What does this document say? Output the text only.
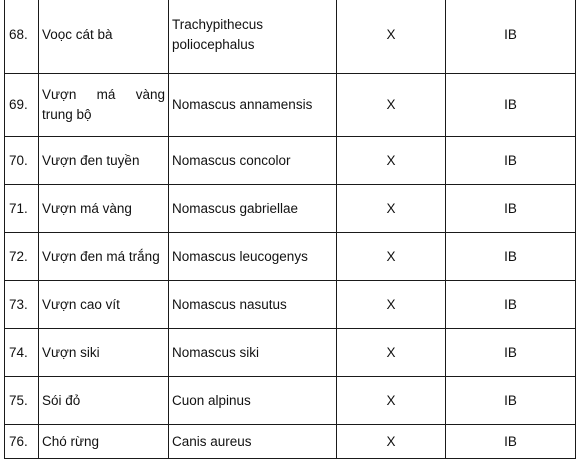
68.	Voọc cát bà	Trachypithecus poliocephalus	X	IB
69.	Vượn má vàng trung bộ	Nomascus annamensis	X	IB
70.	Vượn đen tuyền	Nomascus concolor	X	IB
71.	Vượn má vàng	Nomascus gabriellae	X	IB
72.	Vượn đen má trắng	Nomascus leucogenys	X	IB
73.	Vượn cao vít	Nomascus nasutus	X	IB
74.	Vượn siki	Nomascus siki	X	IB
75.	Sói đỏ	Cuon alpinus	X	IB
76.	Chó rừng	Canis aureus	X	IB
